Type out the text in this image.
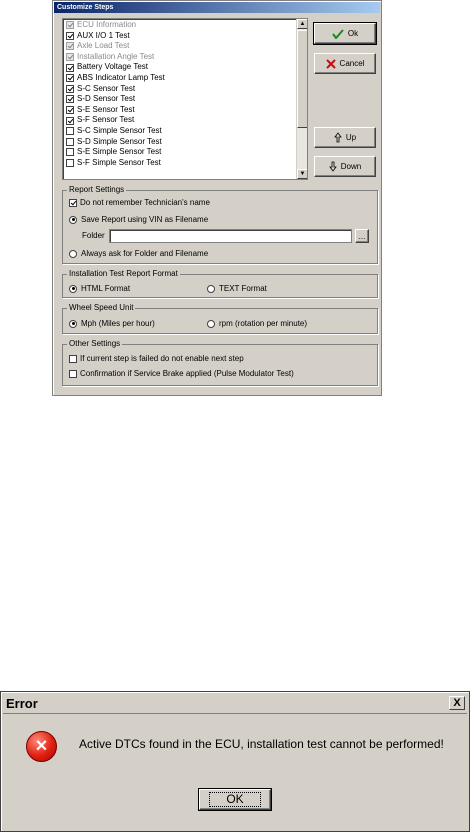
Customize Steps
ECU Information
AUX I/O 1 Test
Axle Load Test
Installation Angle Test
Battery Voltage Test
ABS Indicator Lamp Test
S-C Sensor Test
S-D Sensor Test
S-E Sensor Test
S-F Sensor Test
S-C Simple Sensor Test
S-D Simple Sensor Test
S-E Simple Sensor Test
S-F Simple Sensor Test
▲
▼
Ok
Cancel
Up
Down
Report Settings
Do not remember Technician's name
Save Report using VIN as Filename
Folder	...
Always ask for Folder and Filename
Installation Test Report Format
HTML Format	TEXT Format
Wheel Speed Unit
Mph (Miles per hour)	rpm (rotation per minute)
Other Settings
If current step is failed do not enable next step
Confirmation if Service Brake applied (Pulse Modulator Test)
Error	X
×	Active DTCs found in the ECU, installation test cannot be performed!
OK
